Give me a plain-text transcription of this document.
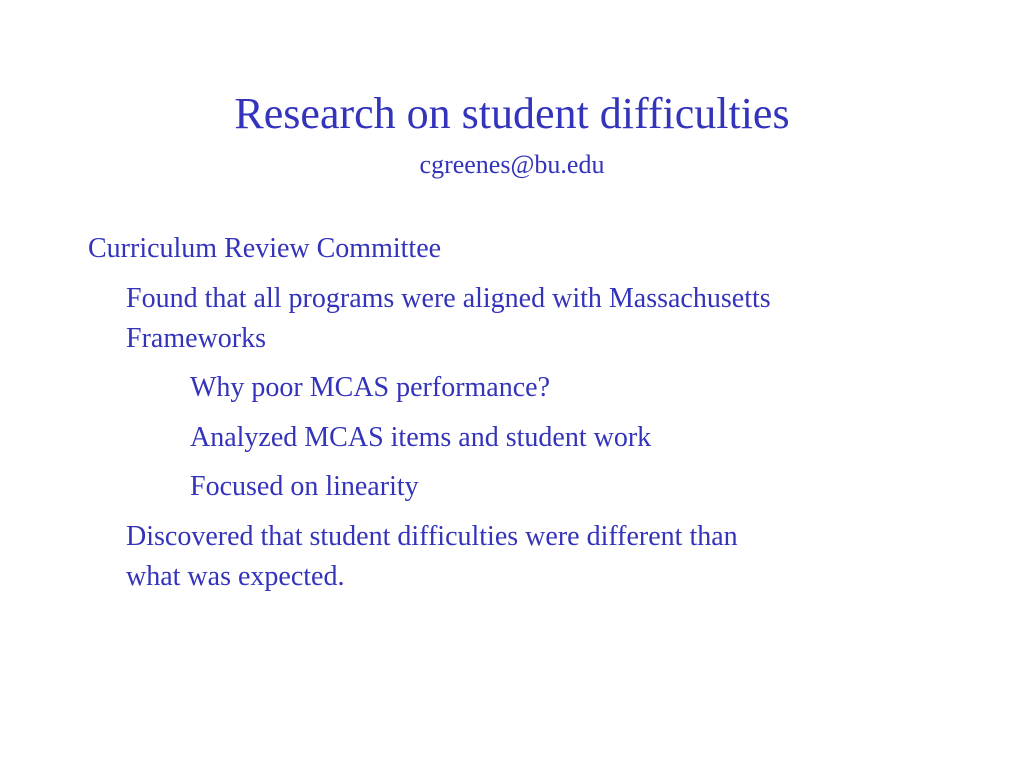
Research on student difficulties
cgreenes@bu.edu
Curriculum Review Committee
Found that all programs were aligned with Massachusetts
Frameworks
Why poor MCAS performance?
Analyzed MCAS items and student work
Focused on linearity
Discovered that student difficulties were different than
what was expected.
